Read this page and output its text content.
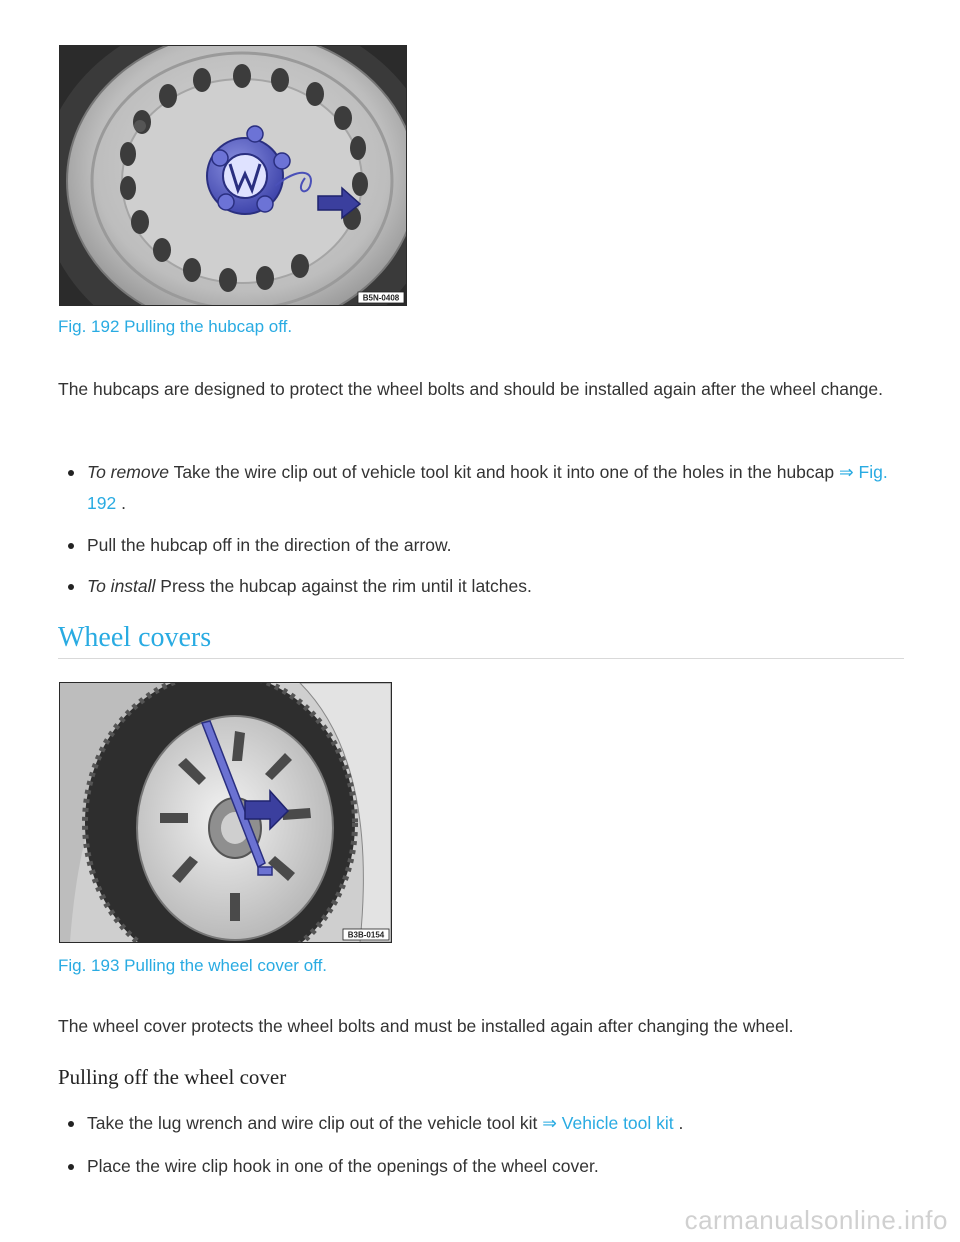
B5N-0408
Fig. 192 Pulling the hubcap off.
The hubcaps are designed to protect the wheel bolts and should be installed again after the wheel change.
To remove Take the wire clip out of vehicle tool kit and hook it into one of the holes in the hubcap ⇒ Fig. 192 .
Pull the hubcap off in the direction of the arrow.
To install Press the hubcap against the rim until it latches.
Wheel covers
B3B-0154
Fig. 193 Pulling the wheel cover off.
The wheel cover protects the wheel bolts and must be installed again after changing the wheel.
Pulling off the wheel cover
Take the lug wrench and wire clip out of the vehicle tool kit ⇒ Vehicle tool kit .
Place the wire clip hook in one of the openings of the wheel cover.
carmanualsonline.info
